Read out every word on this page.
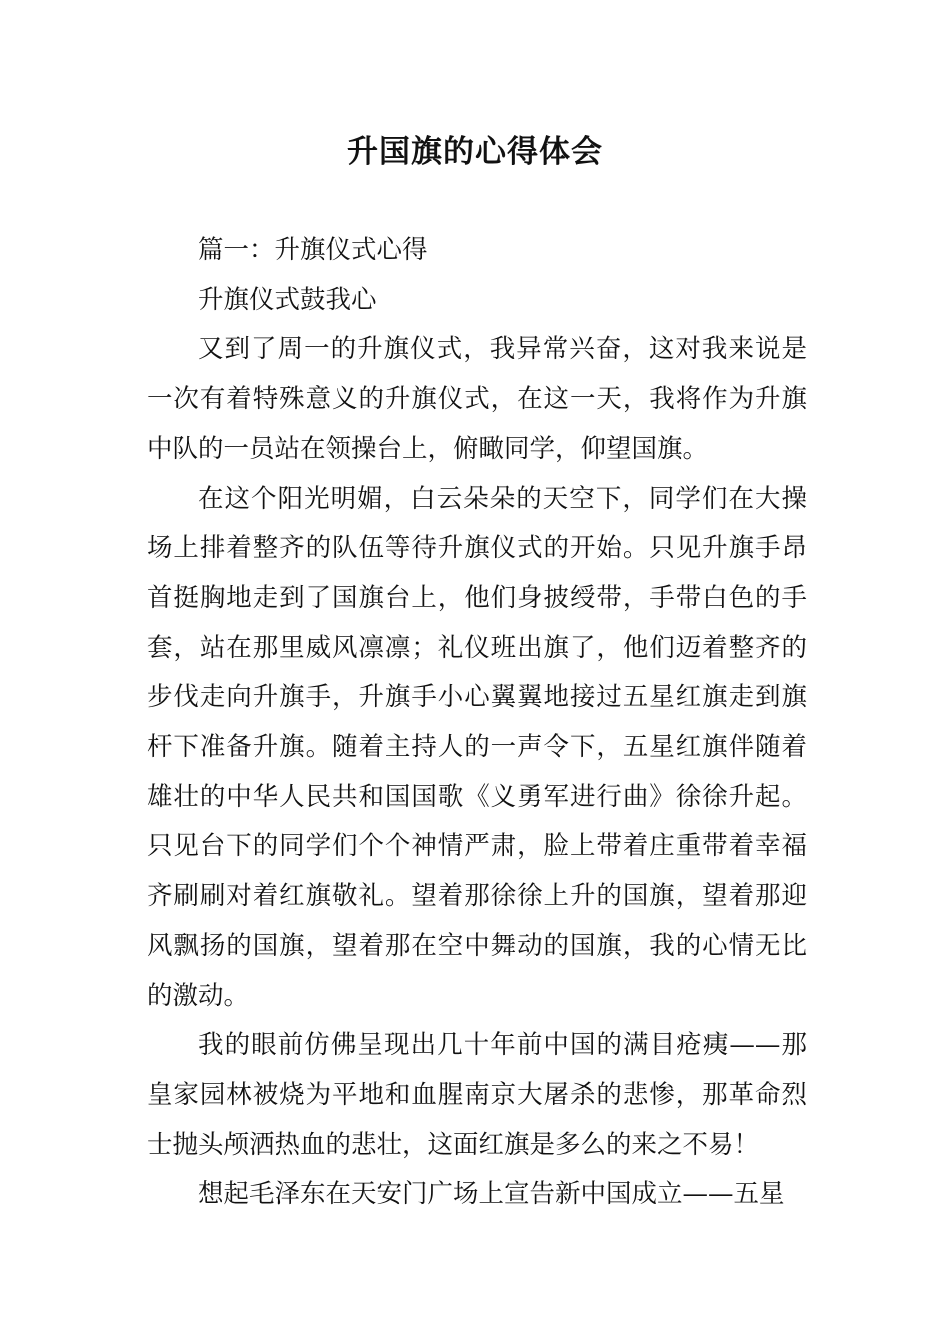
升国旗的心得体会

篇一：升旗仪式心得

升旗仪式鼓我心

又到了周一的升旗仪式，我异常兴奋，这对我来说是一次有着特殊意义的升旗仪式，在这一天，我将作为升旗中队的一员站在领操台上，俯瞰同学，仰望国旗。

在这个阳光明媚，白云朵朵的天空下，同学们在大操场上排着整齐的队伍等待升旗仪式的开始。只见升旗手昂首挺胸地走到了国旗台上，他们身披绶带，手带白色的手套，站在那里威风凛凛；礼仪班出旗了，他们迈着整齐的步伐走向升旗手，升旗手小心翼翼地接过五星红旗走到旗杆下准备升旗。随着主持人的一声令下，五星红旗伴随着雄壮的中华人民共和国国歌《义勇军进行曲》徐徐升起。只见台下的同学们个个神情严肃，脸上带着庄重带着幸福齐刷刷对着红旗敬礼。望着那徐徐上升的国旗，望着那迎风飘扬的国旗，望着那在空中舞动的国旗，我的心情无比的激动。

我的眼前仿佛呈现出几十年前中国的满目疮痍——那皇家园林被烧为平地和血腥南京大屠杀的悲惨，那革命烈士抛头颅洒热血的悲壮，这面红旗是多么的来之不易！

想起毛泽东在天安门广场上宣告新中国成立——五星
